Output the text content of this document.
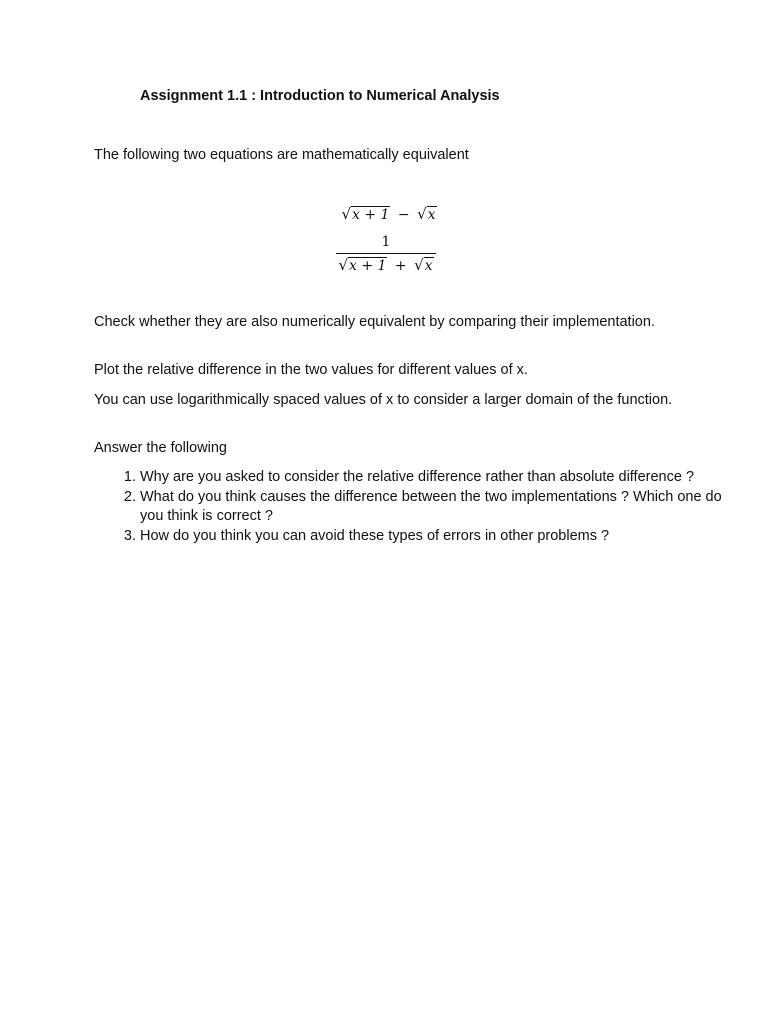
Assignment 1.1 : Introduction to Numerical Analysis
The following two equations are mathematically equivalent
√x + 1 − √x
$\frac{1}{√x + 1 + √x}$
Check whether they are also numerically equivalent by comparing their implementation.
Plot the relative difference in the two values for different values of x.
You can use logarithmically spaced values of x to consider a larger domain of the function.
Answer the following
1. Why are you asked to consider the relative difference rather than absolute difference ?
2. What do you think causes the difference between the two implementations ? Which one do you think is correct ?
3. How do you think you can avoid these types of errors in other problems ?
